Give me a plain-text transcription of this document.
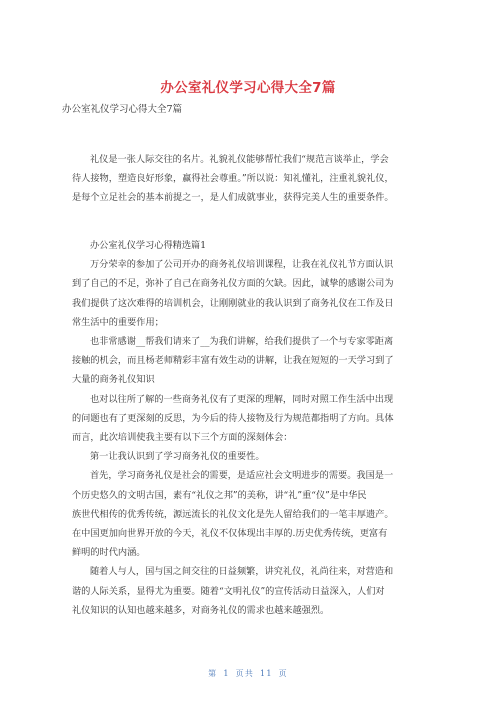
办公室礼仪学习心得大全7篇
办公室礼仪学习心得大全7篇
礼仪是一张人际交往的名片。礼貌礼仪能够帮忙我们“规范言谈举止，学会
待人接物，塑造良好形象，赢得社会尊重。”所以说：知礼懂礼，注重礼貌礼仪，
是每个立足社会的基本前提之一，是人们成就事业，获得完美人生的重要条件。
办公室礼仪学习心得精选篇1
万分荣幸的参加了公司开办的商务礼仪培训课程，让我在礼仪礼节方面认识
到了自己的不足，弥补了自己在商务礼仪方面的欠缺。因此，诚挚的感谢公司为
我们提供了这次难得的培训机会，让刚刚就业的我认识到了商务礼仪在工作及日
常生活中的重要作用；
也非常感谢__帮我们请来了__为我们讲解，给我们提供了一个与专家零距离
接触的机会，而且杨老师精彩丰富有效生动的讲解，让我在短短的一天学习到了
大量的商务礼仪知识
也对以往所了解的一些商务礼仪有了更深的理解，同时对照工作生活中出现
的问题也有了更深刻的反思，为今后的待人接物及行为规范都指明了方向。具体
而言，此次培训使我主要有以下三个方面的深刻体会：
第一让我认识到了学习商务礼仪的重要性。
首先，学习商务礼仪是社会的需要，是适应社会文明进步的需要。我国是一
个历史悠久的文明古国，素有“礼仪之邦”的美称，讲“礼”重“仪”是中华民
族世代相传的优秀传统，源远流长的礼仪文化是先人留给我们的一笔丰厚遗产。
在中国更加向世界开放的今天，礼仪不仅体现出丰厚的.历史优秀传统，更富有
鲜明的时代内涵。
随着人与人，国与国之间交往的日益频繁，讲究礼仪，礼尚往来，对营造和
谐的人际关系，显得尤为重要。随着“文明礼仪”的宣传活动日益深入，人们对
礼仪知识的认知也越来越多，对商务礼仪的需求也越来越强烈。
第 1 页共 11 页
